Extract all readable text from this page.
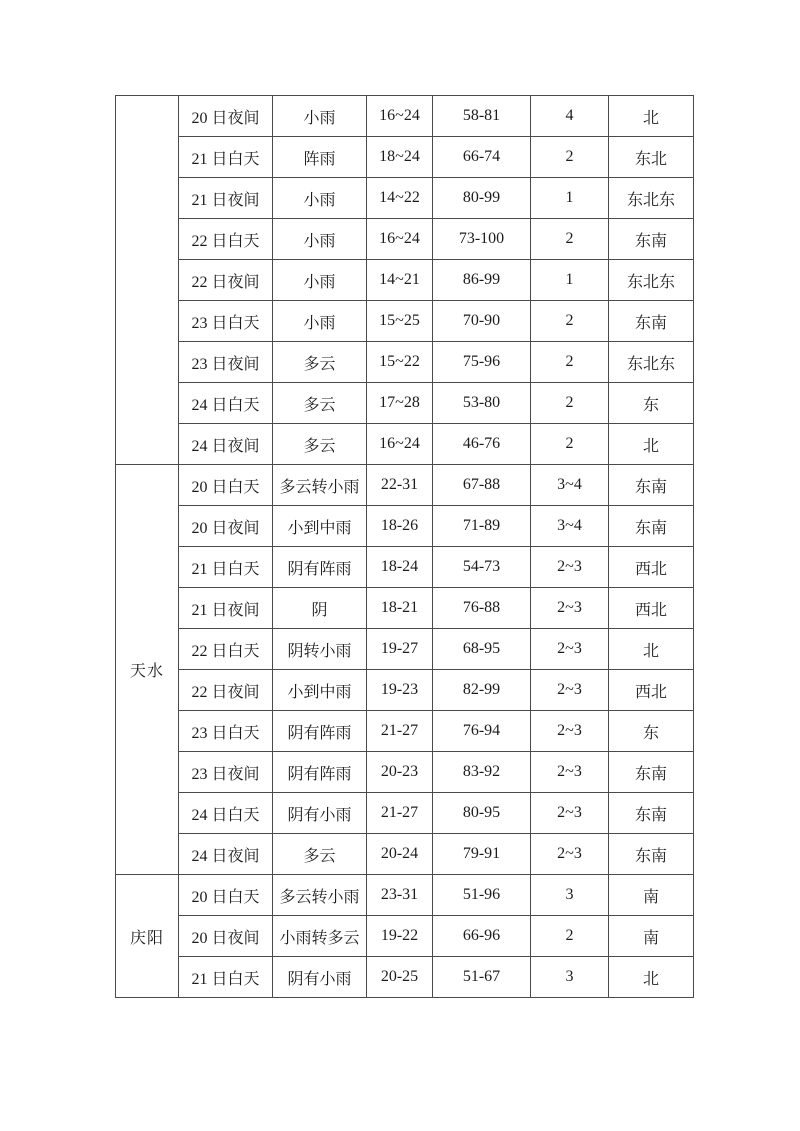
	20 日夜间	小雨	16~24	58-81	4	北
	21 日白天	阵雨	18~24	66-74	2	东北
	21 日夜间	小雨	14~22	80-99	1	东北东
	22 日白天	小雨	16~24	73-100	2	东南
	22 日夜间	小雨	14~21	86-99	1	东北东
	23 日白天	小雨	15~25	70-90	2	东南
	23 日夜间	多云	15~22	75-96	2	东北东
	24 日白天	多云	17~28	53-80	2	东
	24 日夜间	多云	16~24	46-76	2	北
天水	20 日白天	多云转小雨	22-31	67-88	3~4	东南
	20 日夜间	小到中雨	18-26	71-89	3~4	东南
	21 日白天	阴有阵雨	18-24	54-73	2~3	西北
	21 日夜间	阴	18-21	76-88	2~3	西北
	22 日白天	阴转小雨	19-27	68-95	2~3	北
	22 日夜间	小到中雨	19-23	82-99	2~3	西北
	23 日白天	阴有阵雨	21-27	76-94	2~3	东
	23 日夜间	阴有阵雨	20-23	83-92	2~3	东南
	24 日白天	阴有小雨	21-27	80-95	2~3	东南
	24 日夜间	多云	20-24	79-91	2~3	东南
庆阳	20 日白天	多云转小雨	23-31	51-96	3	南
	20 日夜间	小雨转多云	19-22	66-96	2	南
	21 日白天	阴有小雨	20-25	51-67	3	北
